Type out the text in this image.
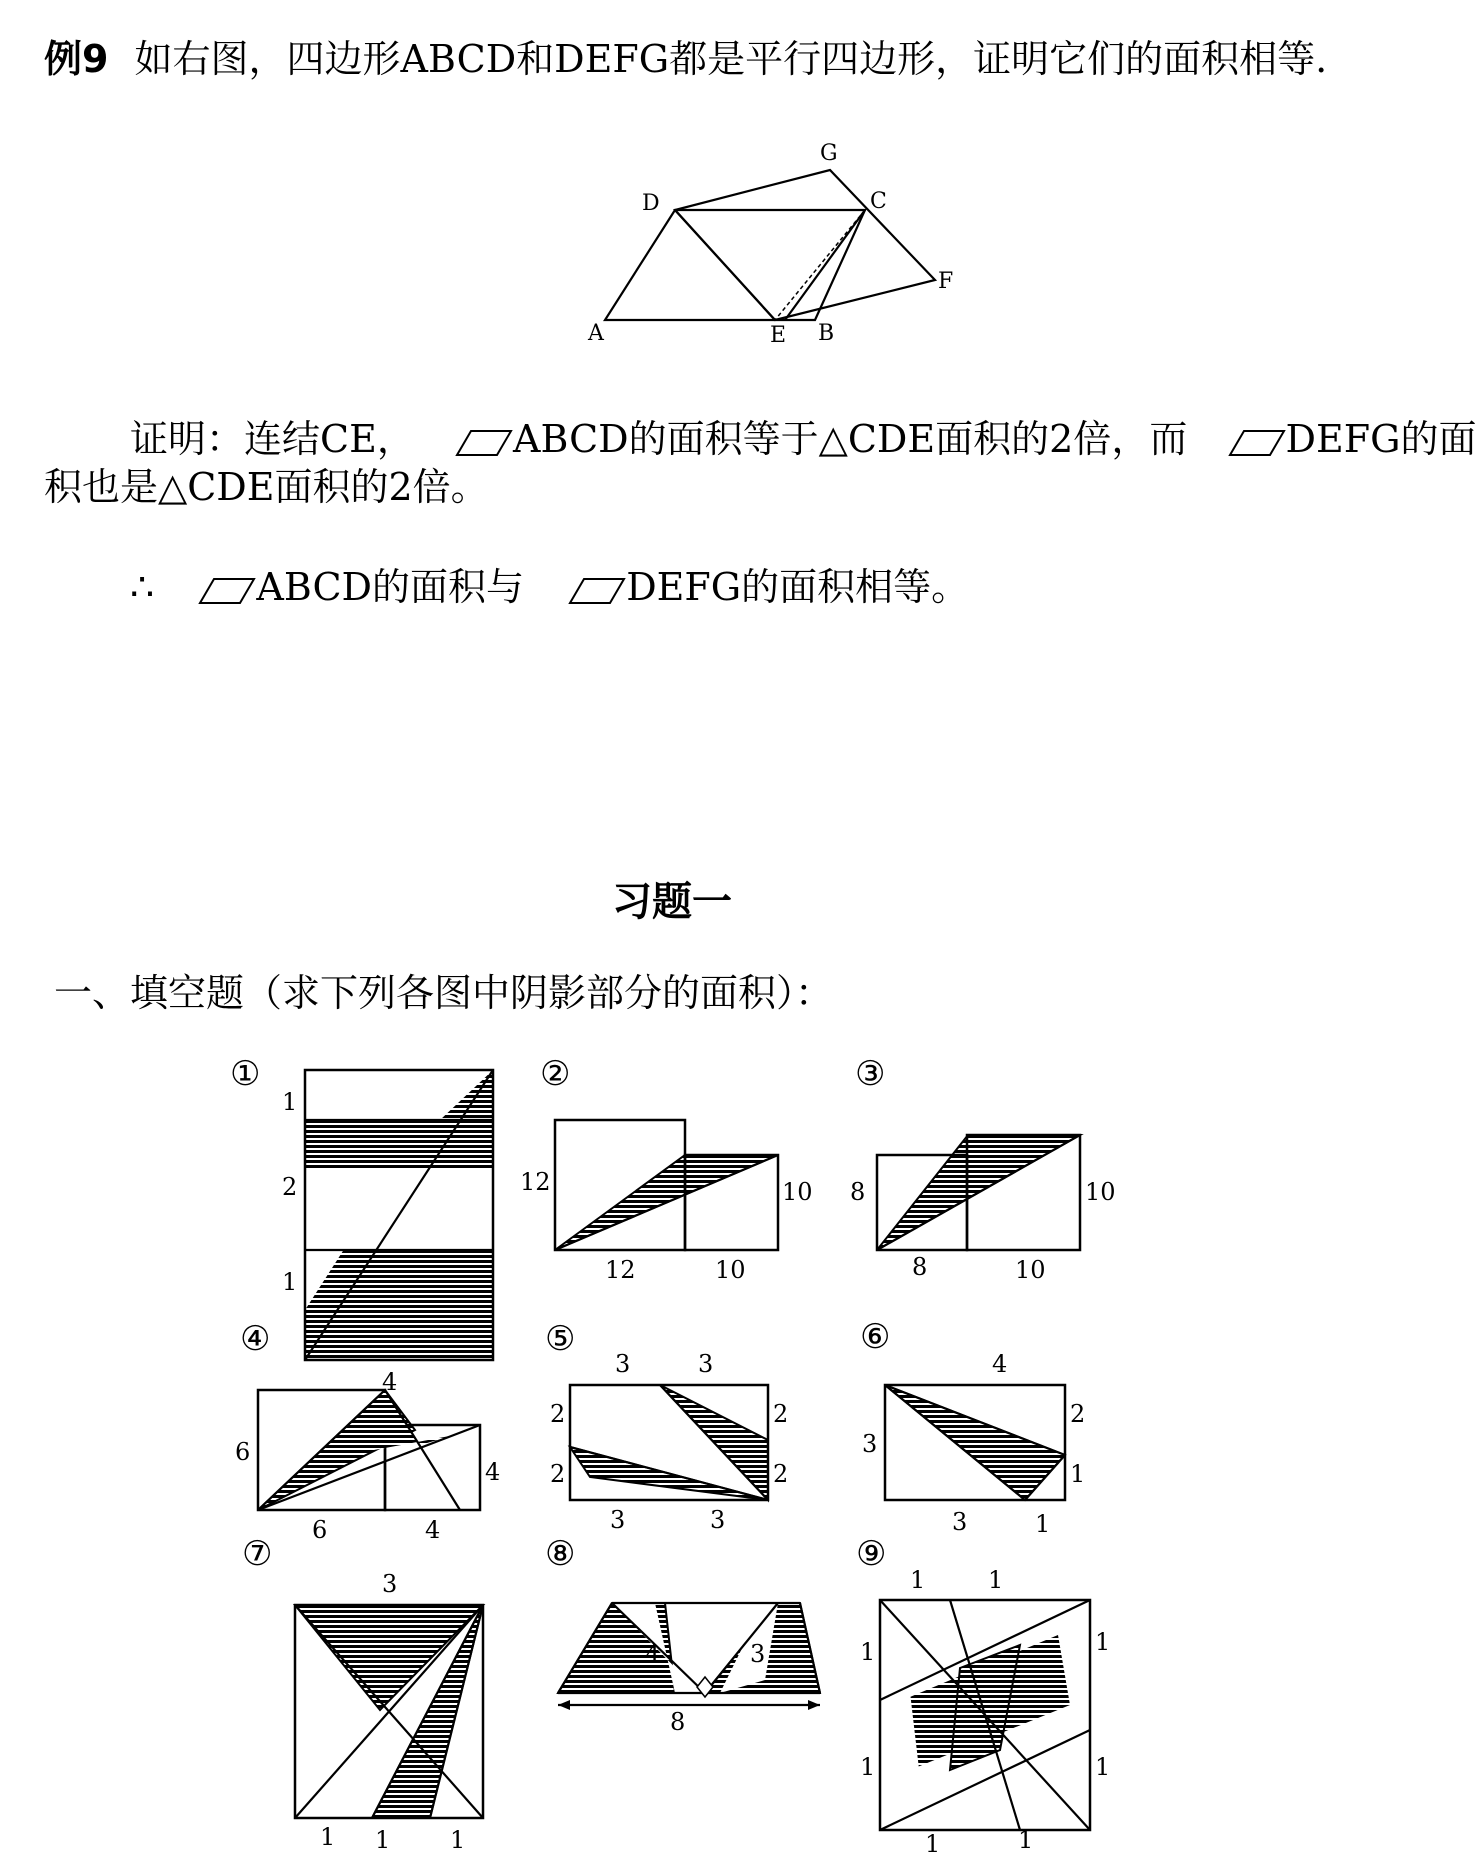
例9 如右图，四边形ABCD和DEFG都是平行四边形，证明它们的面积相等.
A	B
C
D
E
F
G
证明：连结CE，	ABCD的面积等于△CDE面积的2倍，而	DEFG的面
积也是△CDE面积的2倍。
∴	ABCD的面积与	DEFG的面积相等。
习题一
一、填空题（求下列各图中阴影部分的面积）：
①
1
2
1
4
②
12	10
12	10
③
8	10
8	10
④
6
4
6	4
⑤
3	3
2	2
2	2
3	3
⑥
4
2
1
3
3	1
⑦
3
1 1 1
⑧
4	3
8
⑨
1	1
1
1
1
1
1	1
